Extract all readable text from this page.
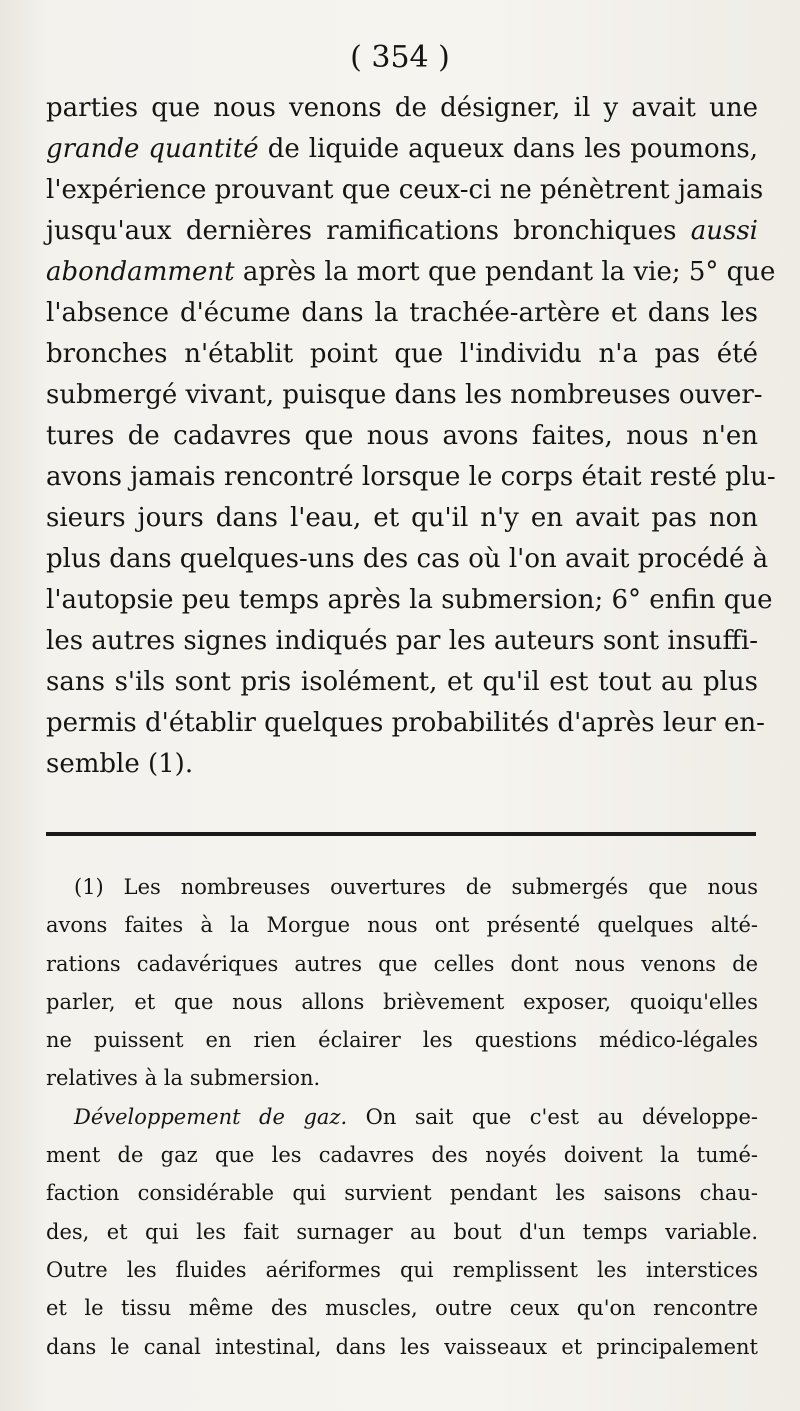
( 354 )
parties que nous venons de désigner, il y avait une
grande quantité de liquide aqueux dans les poumons,
l'expérience prouvant que ceux-ci ne pénètrent jamais
jusqu'aux dernières ramifications bronchiques aussi
abondamment après la mort que pendant la vie; 5° que
l'absence d'écume dans la trachée-artère et dans les
bronches n'établit point que l'individu n'a pas été
submergé vivant, puisque dans les nombreuses ouver-
tures de cadavres que nous avons faites, nous n'en
avons jamais rencontré lorsque le corps était resté plu-
sieurs jours dans l'eau, et qu'il n'y en avait pas non
plus dans quelques-uns des cas où l'on avait procédé à
l'autopsie peu temps après la submersion; 6° enfin que
les autres signes indiqués par les auteurs sont insuffi-
sans s'ils sont pris isolément, et qu'il est tout au plus
permis d'établir quelques probabilités d'après leur en-
semble (1).
(1) Les nombreuses ouvertures de submergés que nous
avons faites à la Morgue nous ont présenté quelques alté-
rations cadavériques autres que celles dont nous venons de
parler, et que nous allons brièvement exposer, quoiqu'elles
ne puissent en rien éclairer les questions médico-légales
relatives à la submersion.
Développement de gaz. On sait que c'est au développe-
ment de gaz que les cadavres des noyés doivent la tumé-
faction considérable qui survient pendant les saisons chau-
des, et qui les fait surnager au bout d'un temps variable.
Outre les fluides aériformes qui remplissent les interstices
et le tissu même des muscles, outre ceux qu'on rencontre
dans le canal intestinal, dans les vaisseaux et principalement
